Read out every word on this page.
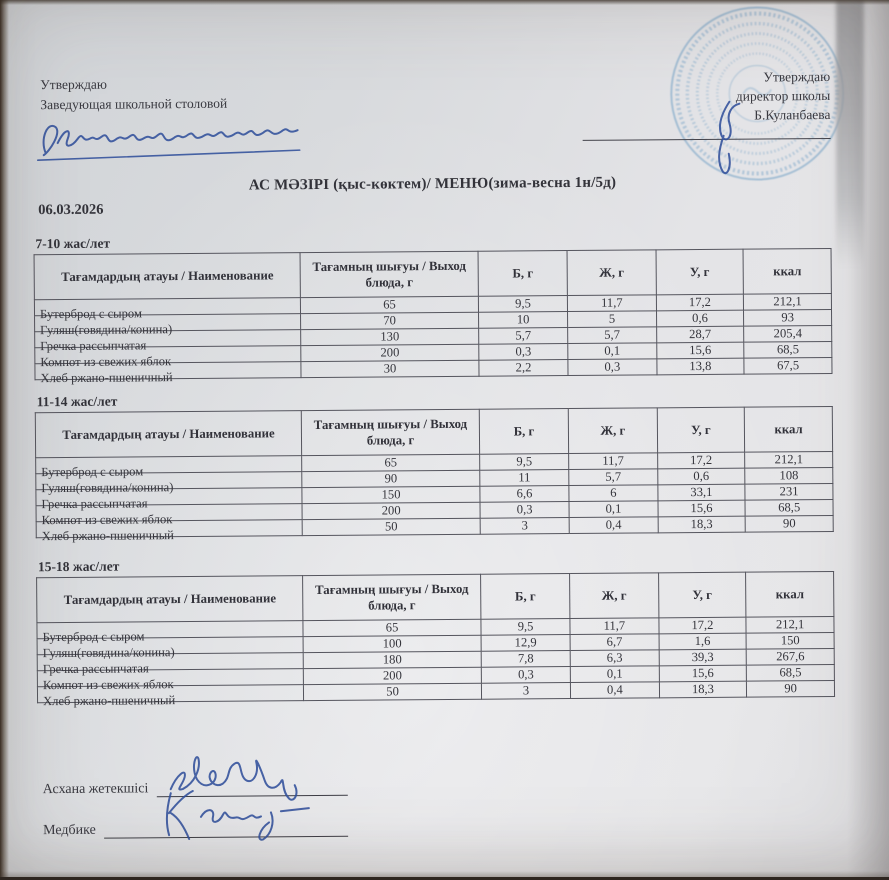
Утверждаю
Заведующая школьной столовой
Утверждаю
директор школы
Б.Куланбаева
АС МӘЗІРІ (қыс-көктем)/ МЕНЮ(зима-весна 1н/5д)
06.03.2026
7-10 жас/лет
Тағамдардың атауы / Наименование	Тағамның шығуы / Выход блюда, г	Б, г	Ж, г	У, г	ккал
Бутерброд с сыром	65	9,5	11,7	17,2	212,1
Гуляш(говядина/конина)	70	10	5	0,6	93
Гречка рассыпчатая	130	5,7	5,7	28,7	205,4
Компот из свежих яблок	200	0,3	0,1	15,6	68,5
Хлеб ржано-пшеничный	30	2,2	0,3	13,8	67,5
11-14 жас/лет
Тағамдардың атауы / Наименование	Тағамның шығуы / Выход блюда, г	Б, г	Ж, г	У, г	ккал
Бутерброд с сыром	65	9,5	11,7	17,2	212,1
Гуляш(говядина/конина)	90	11	5,7	0,6	108
Гречка рассыпчатая	150	6,6	6	33,1	231
Компот из свежих яблок	200	0,3	0,1	15,6	68,5
Хлеб ржано-пшеничный	50	3	0,4	18,3	90
15-18 жас/лет
Тағамдардың атауы / Наименование	Тағамның шығуы / Выход блюда, г	Б, г	Ж, г	У, г	ккал
Бутерброд с сыром	65	9,5	11,7	17,2	212,1
Гуляш(говядина/конина)	100	12,9	6,7	1,6	150
Гречка рассыпчатая	180	7,8	6,3	39,3	267,6
Компот из свежих яблок	200	0,3	0,1	15,6	68,5
Хлеб ржано-пшеничный	50	3	0,4	18,3	90
Асхана жетекшісі
Медбике
